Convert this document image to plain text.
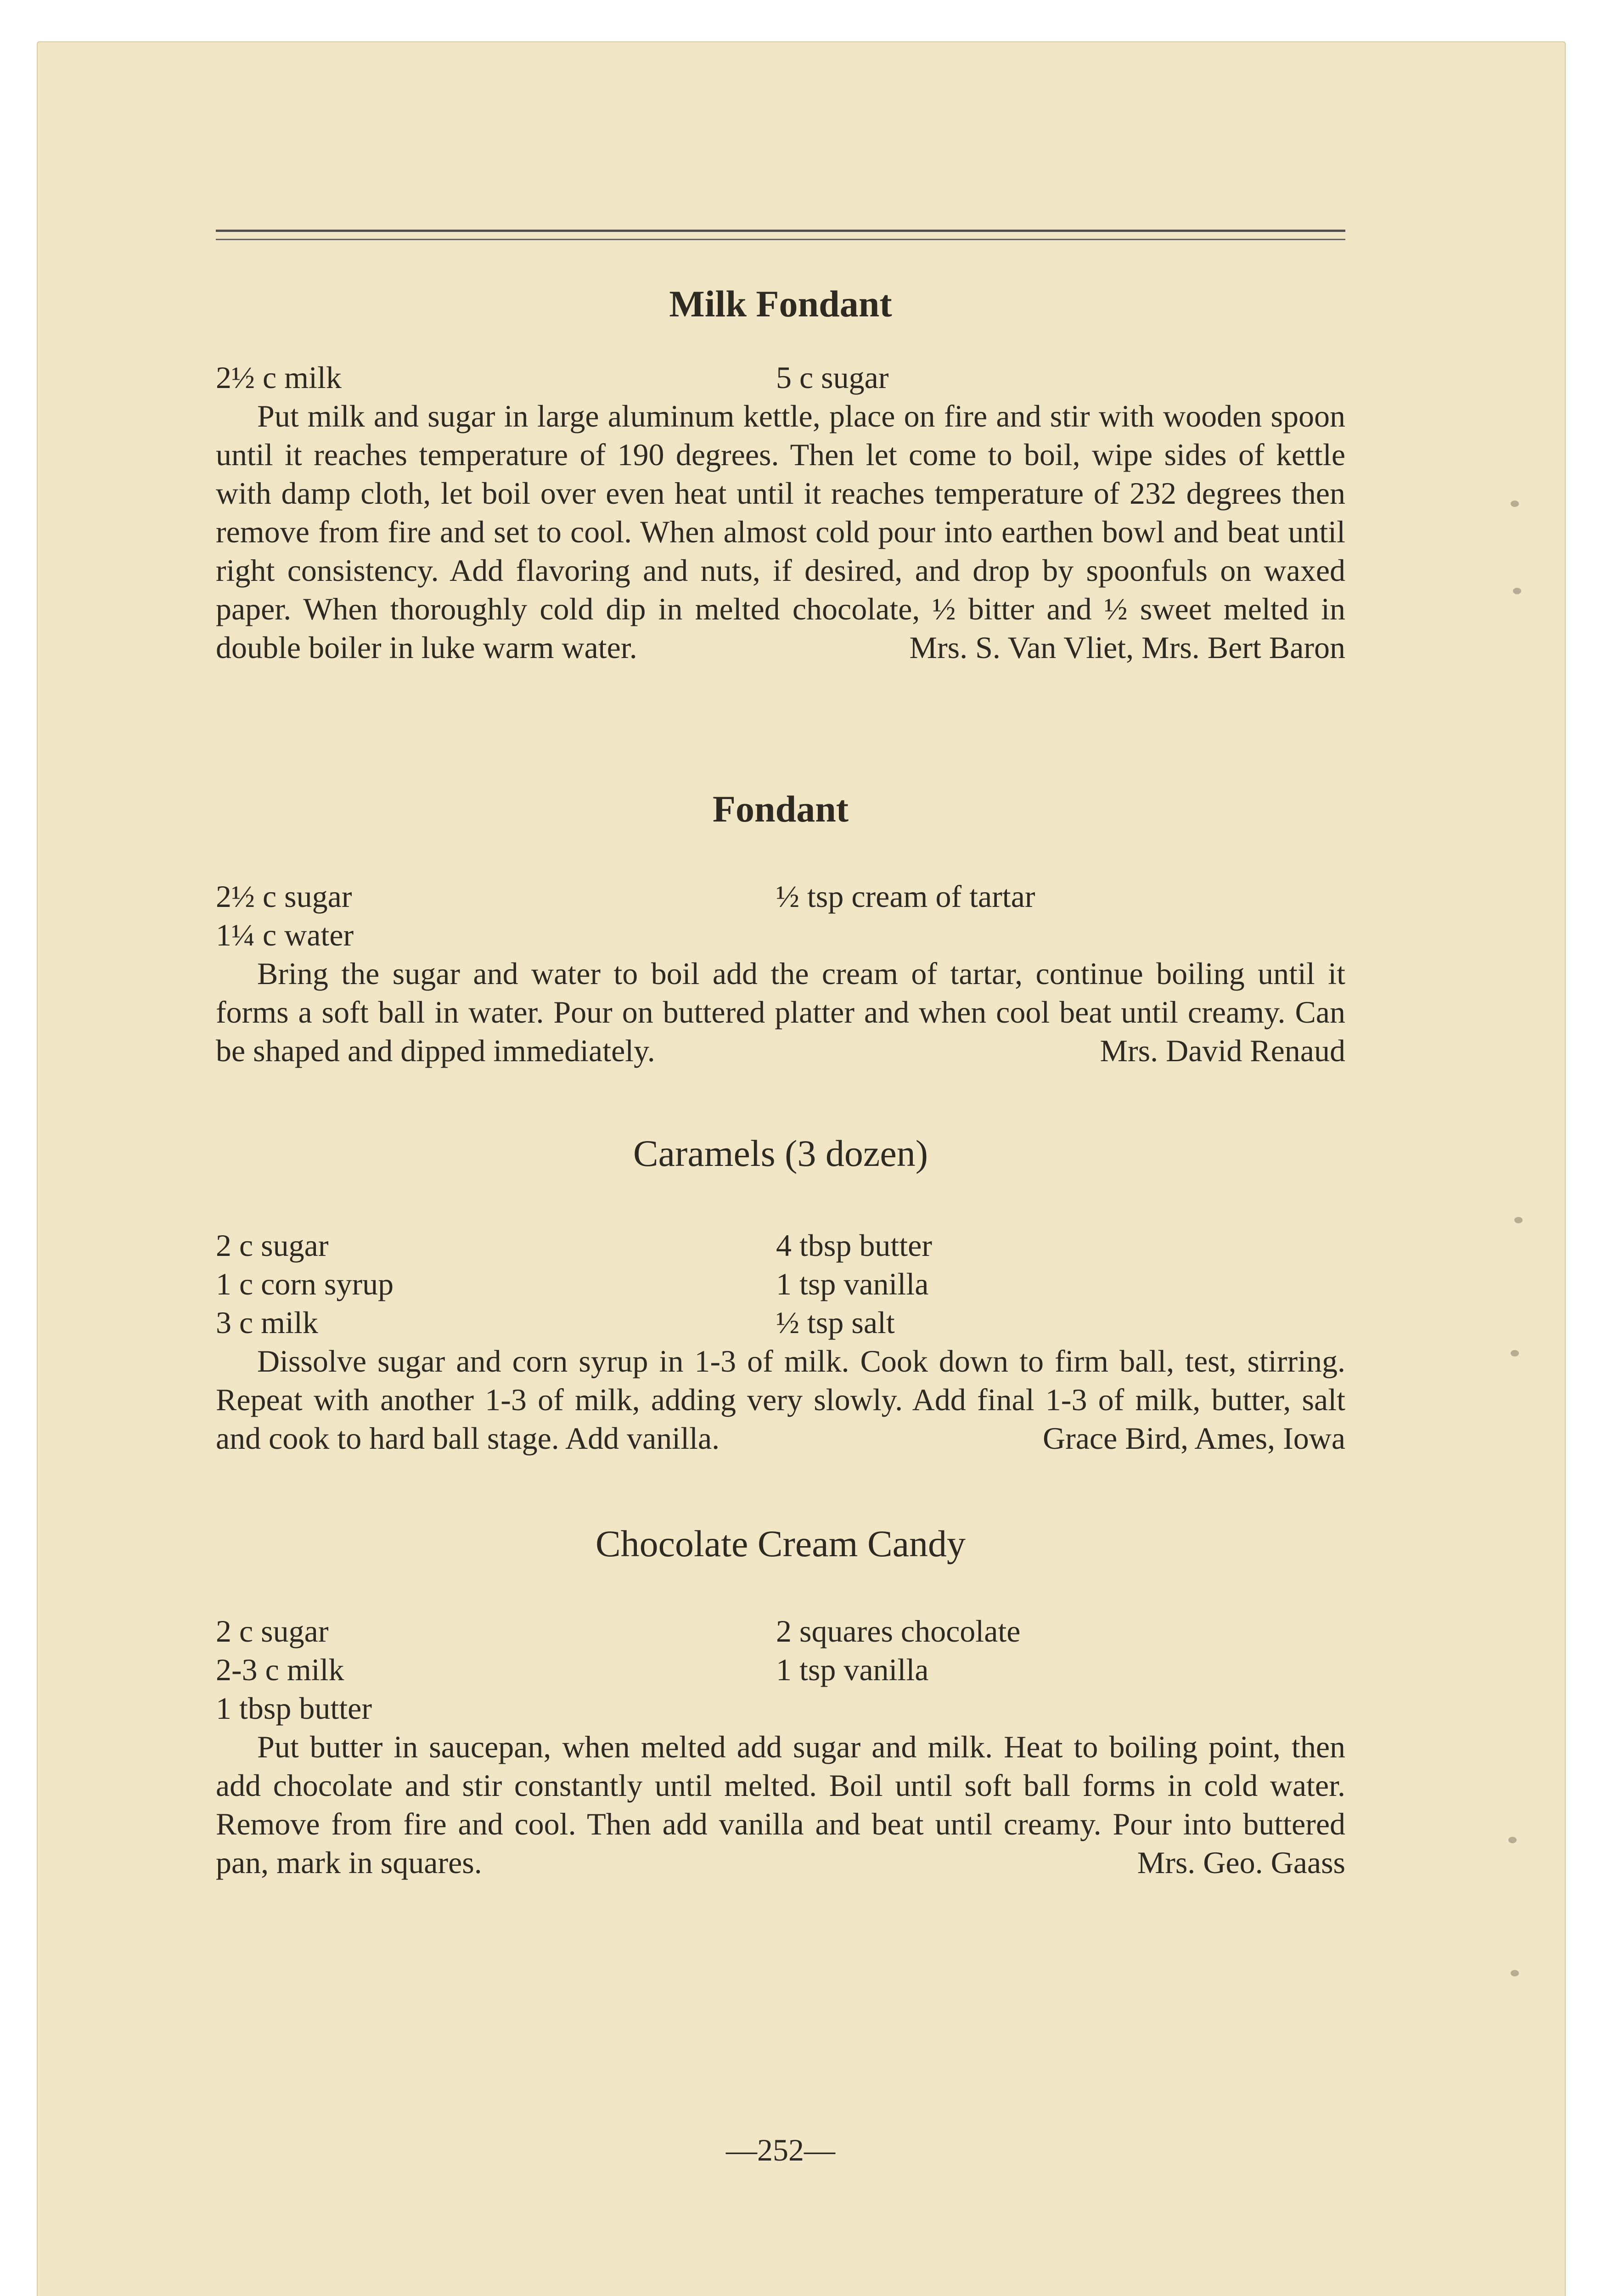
Milk Fondant
2½ c milk	5 c sugar

Put milk and sugar in large aluminum kettle, place on fire and stir with wooden spoon until it reaches temperature of 190 degrees. Then let come to boil, wipe sides of kettle with damp cloth, let boil over even heat until it reaches temperature of 232 degrees then remove from fire and set to cool. When almost cold pour into earthen bowl and beat until right consistency. Add flavoring and nuts, if desired, and drop by spoonfuls on waxed paper. When thoroughly cold dip in melted chocolate, ½ bitter and ½ sweet melted in double boiler in luke warm water.	Mrs. S. Van Vliet, Mrs. Bert Baron

Fondant
2½ c sugar	½ tsp cream of tartar
1¼ c water

Bring the sugar and water to boil add the cream of tartar, continue boiling until it forms a soft ball in water. Pour on buttered platter and when cool beat until creamy. Can be shaped and dipped immediately.	Mrs. David Renaud

Caramels (3 dozen)
2 c sugar	4 tbsp butter
1 c corn syrup	1 tsp vanilla
3 c milk	½ tsp salt

Dissolve sugar and corn syrup in 1-3 of milk. Cook down to firm ball, test, stirring. Repeat with another 1-3 of milk, adding very slowly. Add final 1-3 of milk, butter, salt and cook to hard ball stage. Add vanilla.	Grace Bird, Ames, Iowa

Chocolate Cream Candy
2 c sugar	2 squares chocolate
2-3 c milk	1 tsp vanilla
1 tbsp butter

Put butter in saucepan, when melted add sugar and milk. Heat to boiling point, then add chocolate and stir constantly until melted. Boil until soft ball forms in cold water. Remove from fire and cool. Then add vanilla and beat until creamy. Pour into buttered pan, mark in squares.	Mrs. Geo. Gaass

—252—
